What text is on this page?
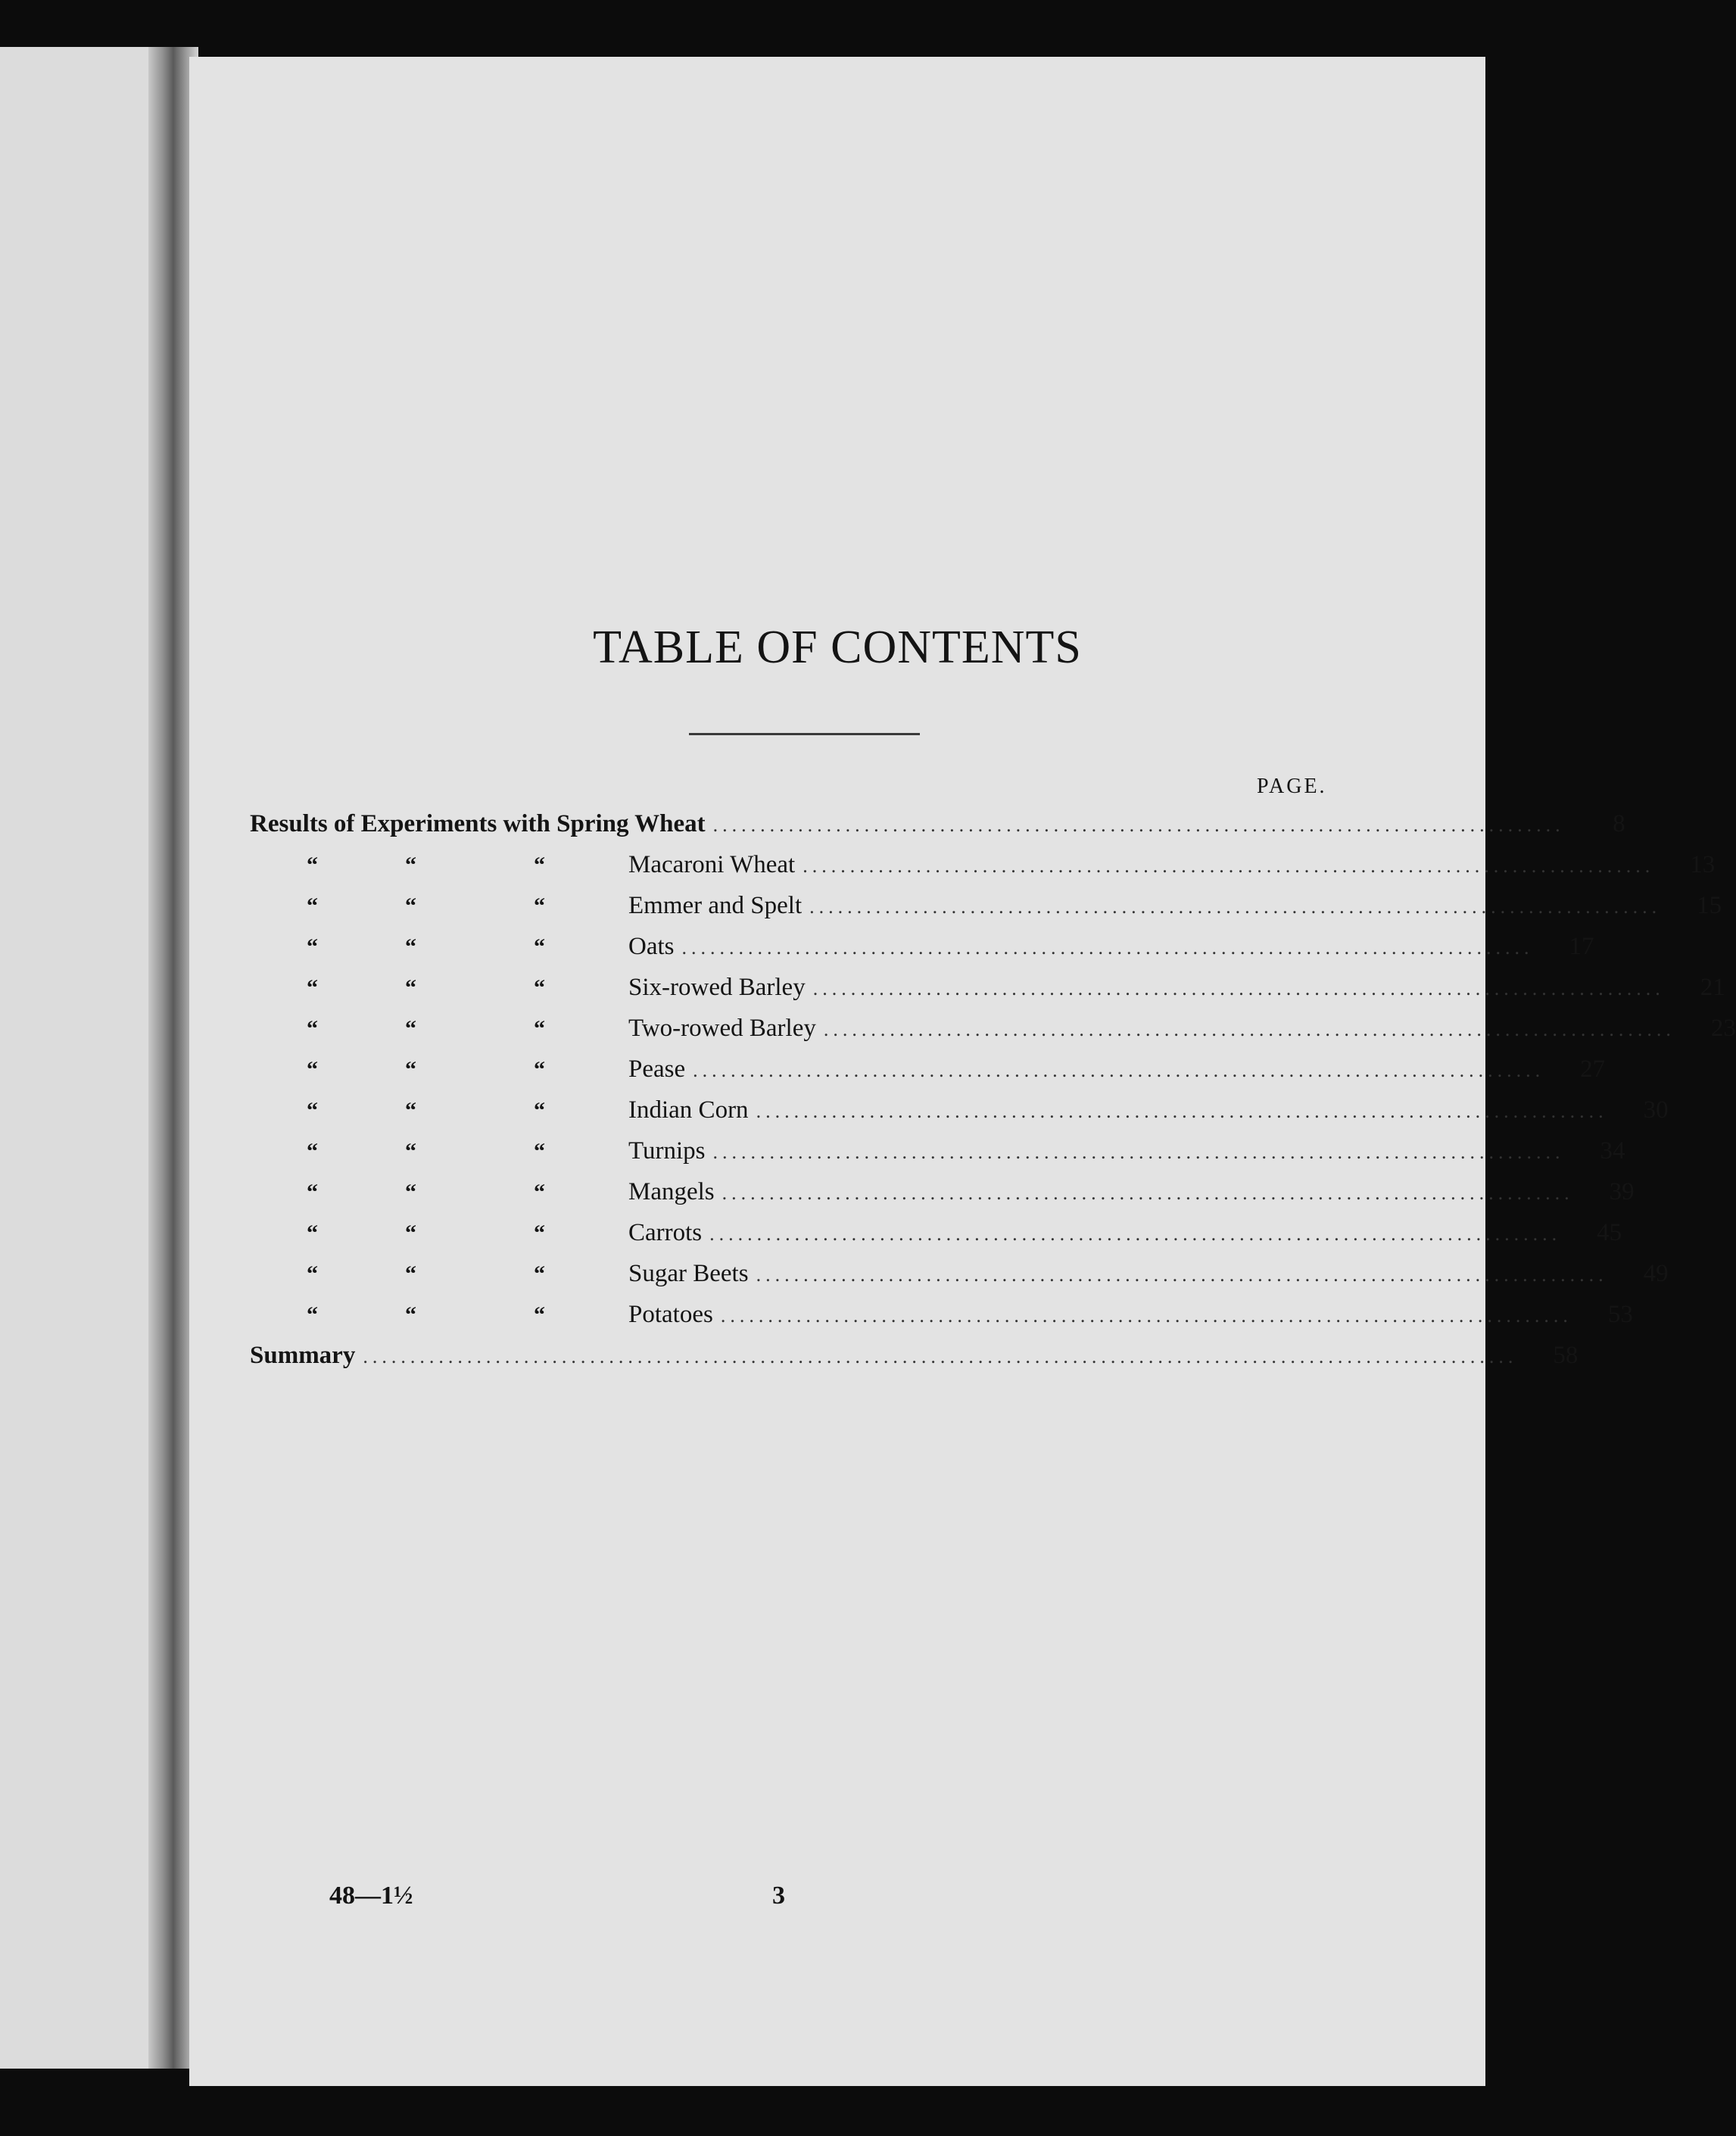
TABLE OF CONTENTS
PAGE.
Results of Experiments with Spring Wheat ..........................................................................................	8
“	“	“	Macaroni Wheat ..........................................................................................	13
“	“	“	Emmer and Spelt ..........................................................................................	15
“	“	“	Oats ..........................................................................................	17
“	“	“	Six-rowed Barley ..........................................................................................	21
“	“	“	Two-rowed Barley ..........................................................................................	23
“	“	“	Pease ..........................................................................................	27
“	“	“	Indian Corn ..........................................................................................	30
“	“	“	Turnips ..........................................................................................	34
“	“	“	Mangels ..........................................................................................	39
“	“	“	Carrots ..........................................................................................	45
“	“	“	Sugar Beets ..........................................................................................	49
“	“	“	Potatoes ..........................................................................................	53
Summary ..........................................................................................................................	58
48—1½	3
